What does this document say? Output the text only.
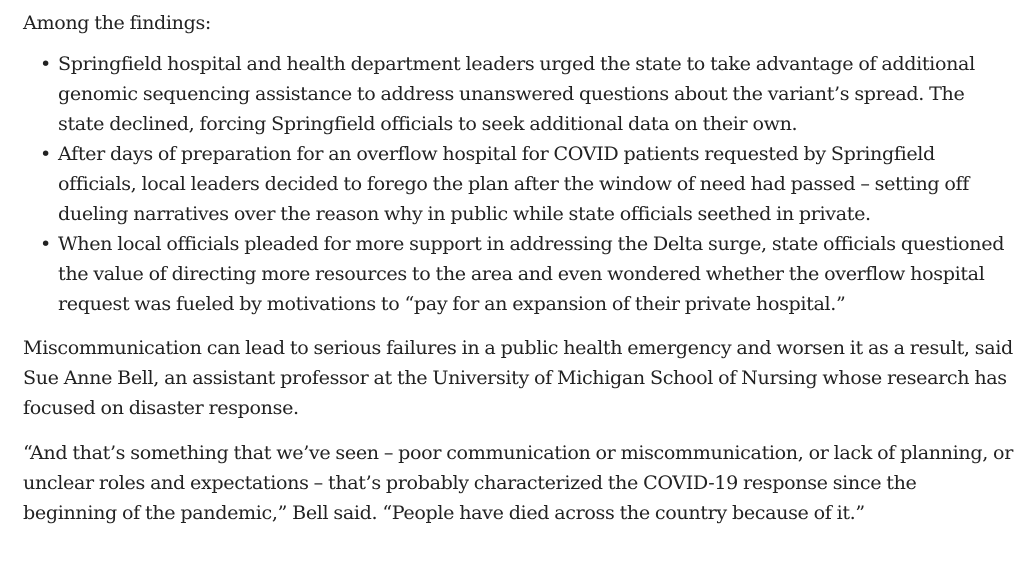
Among the findings:

• Springfield hospital and health department leaders urged the state to take advantage of additional genomic sequencing assistance to address unanswered questions about the variant’s spread. The state declined, forcing Springfield officials to seek additional data on their own.
• After days of preparation for an overflow hospital for COVID patients requested by Springfield officials, local leaders decided to forego the plan after the window of need had passed – setting off dueling narratives over the reason why in public while state officials seethed in private.
• When local officials pleaded for more support in addressing the Delta surge, state officials questioned the value of directing more resources to the area and even wondered whether the overflow hospital request was fueled by motivations to “pay for an expansion of their private hospital.”

Miscommunication can lead to serious failures in a public health emergency and worsen it as a result, said Sue Anne Bell, an assistant professor at the University of Michigan School of Nursing whose research has focused on disaster response.

“And that’s something that we’ve seen – poor communication or miscommunication, or lack of planning, or unclear roles and expectations – that’s probably characterized the COVID-19 response since the beginning of the pandemic,” Bell said. “People have died across the country because of it.”
